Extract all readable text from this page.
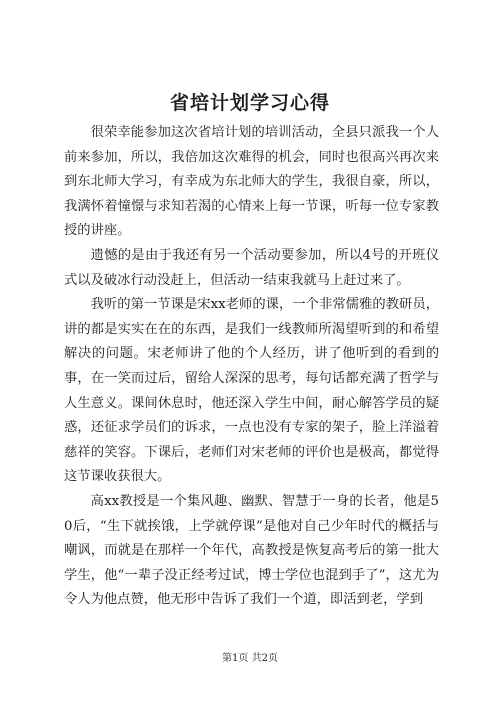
省培计划学习心得

很荣幸能参加这次省培计划的培训活动，全县只派我一个人前来参加，所以，我倍加这次难得的机会，同时也很高兴再次来到东北师大学习，有幸成为东北师大的学生，我很自豪，所以，我满怀着憧憬与求知若渴的心情来上每一节课，听每一位专家教授的讲座。

遗憾的是由于我还有另一个活动要参加，所以4号的开班仪式以及破冰行动没赶上，但活动一结束我就马上赶过来了。

我听的第一节课是宋xx老师的课，一个非常儒雅的教研员，讲的都是实实在在的东西，是我们一线教师所渴望听到的和希望解决的问题。宋老师讲了他的个人经历，讲了他听到的看到的事，在一笑而过后，留给人深深的思考，每句话都充满了哲学与人生意义。课间休息时，他还深入学生中间，耐心解答学员的疑惑，还征求学员们的诉求，一点也没有专家的架子，脸上洋溢着慈祥的笑容。下课后，老师们对宋老师的评价也是极高，都觉得这节课收获很大。

高xx教授是一个集风趣、幽默、智慧于一身的长者，他是50后，“生下就挨饿，上学就停课”是他对自己少年时代的概括与嘲讽，而就是在那样一个年代，高教授是恢复高考后的第一批大学生，他“一辈子没正经考过试，博士学位也混到手了”，这尤为令人为他点赞，他无形中告诉了我们一个道，即活到老，学到

第1页 共2页
